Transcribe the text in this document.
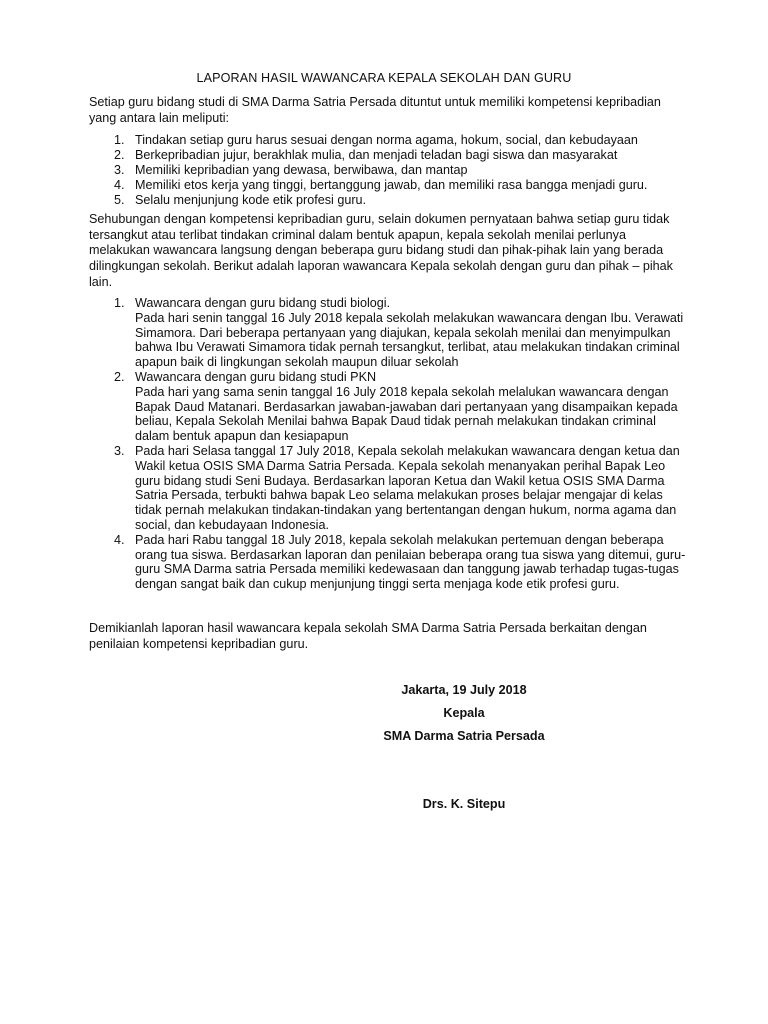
LAPORAN HASIL WAWANCARA KEPALA SEKOLAH DAN GURU
Setiap guru bidang studi di SMA Darma Satria Persada dituntut untuk memiliki kompetensi kepribadian yang antara lain meliputi:
1. Tindakan setiap guru harus sesuai dengan norma agama, hokum, social, dan kebudayaan
2. Berkepribadian jujur, berakhlak mulia, dan menjadi teladan bagi siswa dan masyarakat
3. Memiliki kepribadian yang dewasa, berwibawa, dan mantap
4. Memiliki etos kerja yang tinggi, bertanggung jawab, dan memiliki rasa bangga menjadi guru.
5. Selalu menjunjung kode etik profesi guru.
Sehubungan dengan kompetensi kepribadian guru, selain dokumen pernyataan bahwa setiap guru tidak tersangkut atau terlibat tindakan criminal dalam bentuk apapun, kepala sekolah menilai perlunya melakukan wawancara langsung dengan beberapa guru bidang studi dan pihak-pihak lain yang berada dilingkungan sekolah. Berikut adalah laporan wawancara Kepala sekolah dengan guru dan pihak – pihak lain.
1. Wawancara dengan guru bidang studi biologi.
Pada hari senin tanggal 16 July 2018 kepala sekolah melakukan wawancara dengan Ibu. Verawati Simamora. Dari beberapa pertanyaan yang diajukan, kepala sekolah menilai dan menyimpulkan bahwa Ibu Verawati Simamora tidak pernah tersangkut, terlibat, atau melakukan tindakan criminal apapun baik di lingkungan sekolah maupun diluar sekolah
2. Wawancara dengan guru bidang studi PKN
Pada hari yang sama senin tanggal 16 July 2018 kepala sekolah melalukan wawancara dengan Bapak Daud Matanari. Berdasarkan jawaban-jawaban dari pertanyaan yang disampaikan kepada beliau, Kepala Sekolah Menilai bahwa Bapak Daud tidak pernah melakukan tindakan criminal dalam bentuk apapun dan kesiapapun
3. Pada hari Selasa tanggal 17 July 2018, Kepala sekolah melakukan wawancara dengan ketua dan Wakil ketua OSIS SMA Darma Satria Persada. Kepala sekolah menanyakan perihal Bapak Leo guru bidang studi Seni Budaya. Berdasarkan laporan Ketua dan Wakil ketua OSIS SMA Darma Satria Persada, terbukti bahwa bapak Leo selama melakukan proses belajar mengajar di kelas tidak pernah melakukan tindakan-tindakan yang bertentangan dengan hukum, norma agama dan social, dan kebudayaan Indonesia.
4. Pada hari Rabu tanggal 18 July 2018, kepala sekolah melakukan pertemuan dengan beberapa orang tua siswa. Berdasarkan laporan dan penilaian beberapa orang tua siswa yang ditemui, guru-guru SMA Darma satria Persada memiliki kedewasaan dan tanggung jawab terhadap tugas-tugas dengan sangat baik dan cukup menjunjung tinggi serta menjaga kode etik profesi guru.
Demikianlah laporan hasil wawancara kepala sekolah SMA Darma Satria Persada berkaitan dengan penilaian kompetensi kepribadian guru.
Jakarta, 19 July 2018
Kepala
SMA Darma Satria Persada
Drs. K. Sitepu
